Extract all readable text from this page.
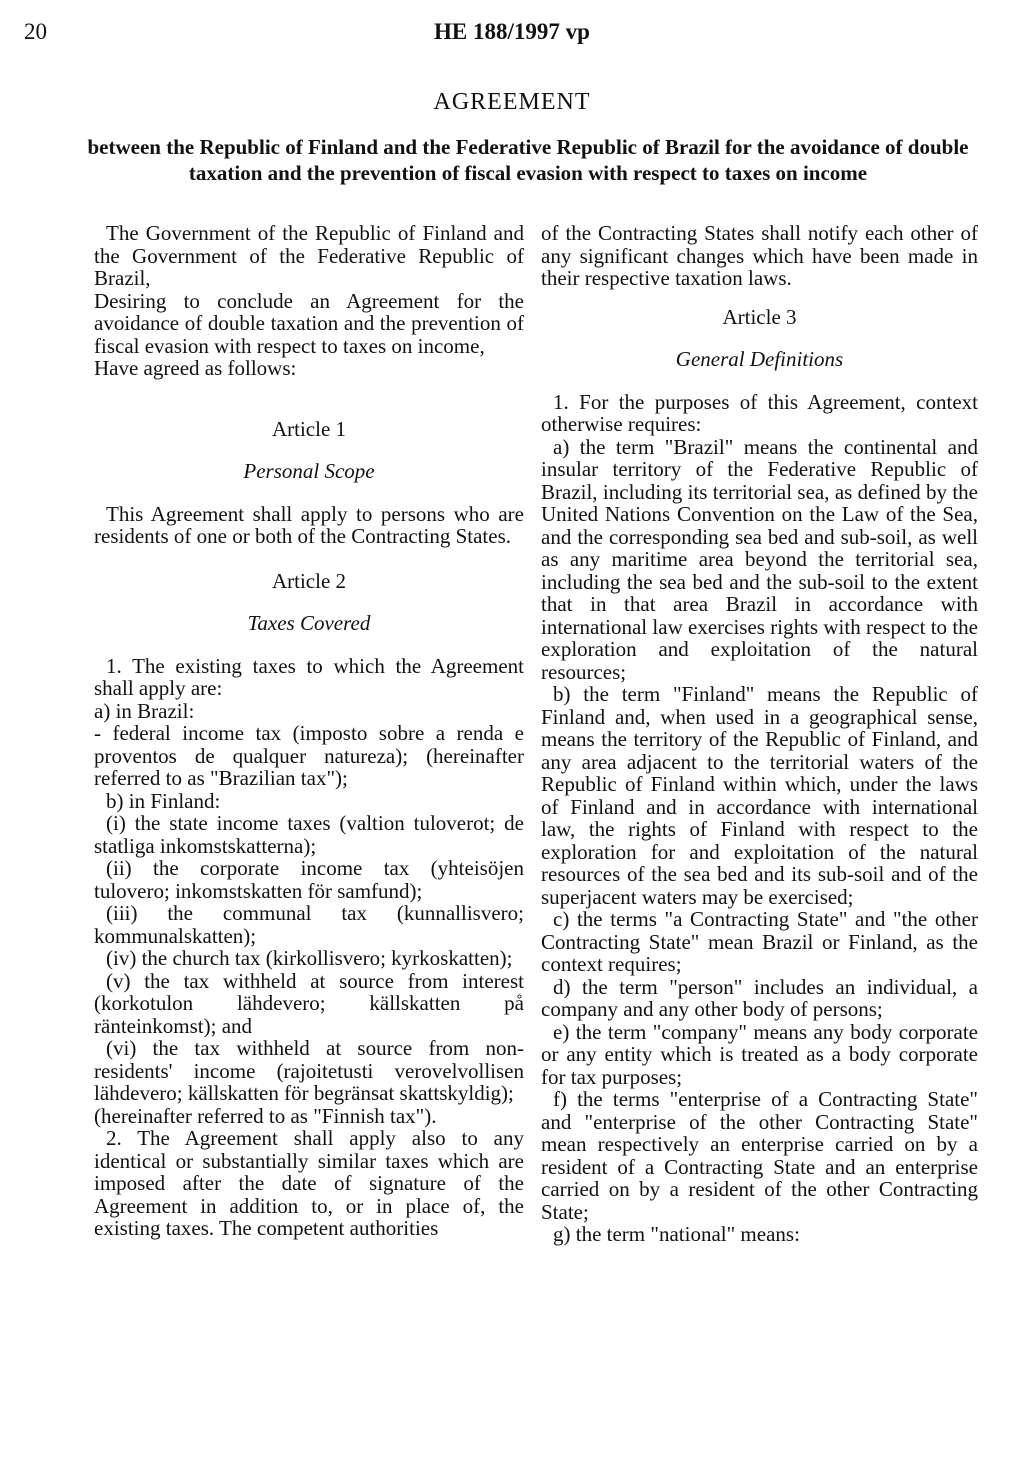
20	HE 188/1997 vp
AGREEMENT
between the Republic of Finland and the Federative Republic of Brazil for the avoidance of double taxation and the prevention of fiscal evasion with respect to taxes on income

The Government of the Republic of Finland and the Government of the Federative Republic of Brazil,

Desiring to conclude an Agreement for the avoidance of double taxation and the prevention of fiscal evasion with respect to taxes on income,

Have agreed as follows:

Article 1

Personal Scope

This Agreement shall apply to persons who are residents of one or both of the Contracting States.

Article 2

Taxes Covered

1. The existing taxes to which the Agreement shall apply are:

a) in Brazil:

- federal income tax (imposto sobre a renda e proventos de qualquer natureza); (hereinafter referred to as "Brazilian tax");

b) in Finland:

(i) the state income taxes (valtion tuloverot; de statliga inkomstskatterna);

(ii) the corporate income tax (yhteisöjen tulovero; inkomstskatten för samfund);

(iii) the communal tax (kunnallisvero; kommunalskatten);

(iv) the church tax (kirkollisvero; kyrkoskatten);

(v) the tax withheld at source from interest (korkotulon lähdevero; källskatten på ränteinkomst); and

(vi) the tax withheld at source from non-residents' income (rajoitetusti verovelvollisen lähdevero; källskatten för begränsat skattskyldig);

(hereinafter referred to as "Finnish tax").

2. The Agreement shall apply also to any identical or substantially similar taxes which are imposed after the date of signature of the Agreement in addition to, or in place of, the existing taxes. The competent authorities

of the Contracting States shall notify each other of any significant changes which have been made in their respective taxation laws.

Article 3

General Definitions

1. For the purposes of this Agreement, context otherwise requires:

a) the term "Brazil" means the continental and insular territory of the Federative Republic of Brazil, including its territorial sea, as defined by the United Nations Convention on the Law of the Sea, and the corresponding sea bed and sub-soil, as well as any maritime area beyond the territorial sea, including the sea bed and the sub-soil to the extent that in that area Brazil in accordance with international law exercises rights with respect to the exploration and exploitation of the natural resources;

b) the term "Finland" means the Republic of Finland and, when used in a geographical sense, means the territory of the Republic of Finland, and any area adjacent to the territorial waters of the Republic of Finland within which, under the laws of Finland and in accordance with international law, the rights of Finland with respect to the exploration for and exploitation of the natural resources of the sea bed and its sub-soil and of the superjacent waters may be exercised;

c) the terms "a Contracting State" and "the other Contracting State" mean Brazil or Finland, as the context requires;

d) the term "person" includes an individual, a company and any other body of persons;

e) the term "company" means any body corporate or any entity which is treated as a body corporate for tax purposes;

f) the terms "enterprise of a Contracting State" and "enterprise of the other Contracting State" mean respectively an enterprise carried on by a resident of a Contracting State and an enterprise carried on by a resident of the other Contracting State;

g) the term "national" means:
